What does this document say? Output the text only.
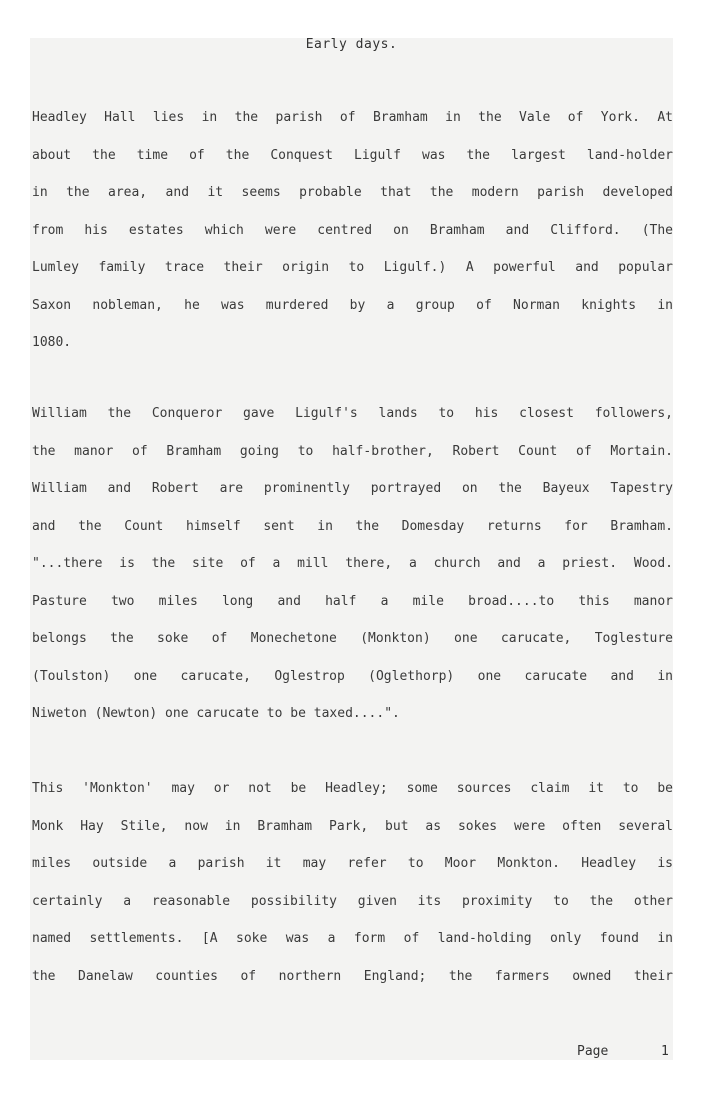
Early days.
Headley Hall lies in the parish of Bramham in the Vale of York. At
about the time of the Conquest Ligulf was the largest land-holder
in the area, and it seems probable that the modern parish developed
from his estates which were centred on Bramham and Clifford. (The
Lumley family trace their origin to Ligulf.) A powerful and popular
Saxon nobleman, he was murdered by a group of Norman knights in
1080.
William the Conqueror gave Ligulf's lands to his closest followers,
the manor of Bramham going to half-brother, Robert Count of Mortain.
William and Robert are prominently portrayed on the Bayeux Tapestry
and the Count himself sent in the Domesday returns for Bramham.
"...there is the site of a mill there, a church and a priest. Wood.
Pasture two miles long and half a mile broad....to this manor
belongs the soke of Monechetone (Monkton) one carucate, Toglesture
(Toulston) one carucate, Oglestrop (Oglethorp) one carucate and in
Niweton (Newton) one carucate to be taxed....".
This 'Monkton' may or not be Headley; some sources claim it to be
Monk Hay Stile, now in Bramham Park, but as sokes were often several
miles outside a parish it may refer to Moor Monkton. Headley is
certainly a reasonable possibility given its proximity to the other
named settlements. [A soke was a form of land-holding only found in
the Danelaw counties of northern England; the farmers owned their
Page	1
